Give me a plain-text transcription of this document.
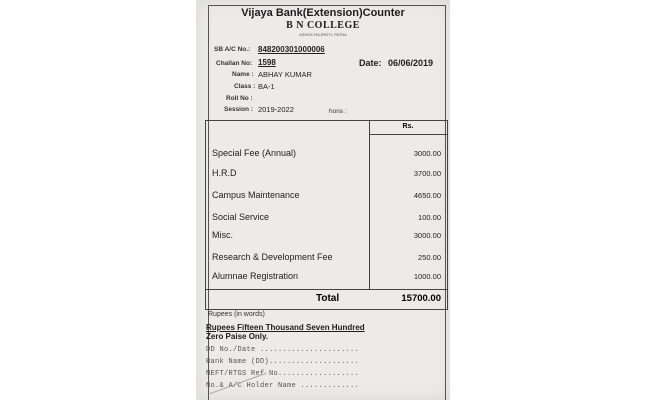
Vijaya Bank(Extension)Counter
B N COLLEGE
ASHOK RAJPATH, PATNA
SB A/C No.: 848200301000006
Challan No: 1598	Date: 06/06/2019
Name : ABHAY KUMAR
Class : BA-1
Roll No :
Session : 2019-2022	hons :
Rs.
Special Fee (Annual)	3000.00
H.R.D	3700.00
Campus Maintenance	4650.00
Social Service	100.00
Misc.	3000.00
Research & Development Fee	250.00
Alumnae Registration	1000.00
Total	15700.00
Rupees (in words)
Rupees Fifteen Thousand Seven Hundred
Zero Paise Only.
DD No./Date ......................
Bank Name (DD)....................
NEFT/RTGS Ref No..................
No.& A/C Holder Name .............
